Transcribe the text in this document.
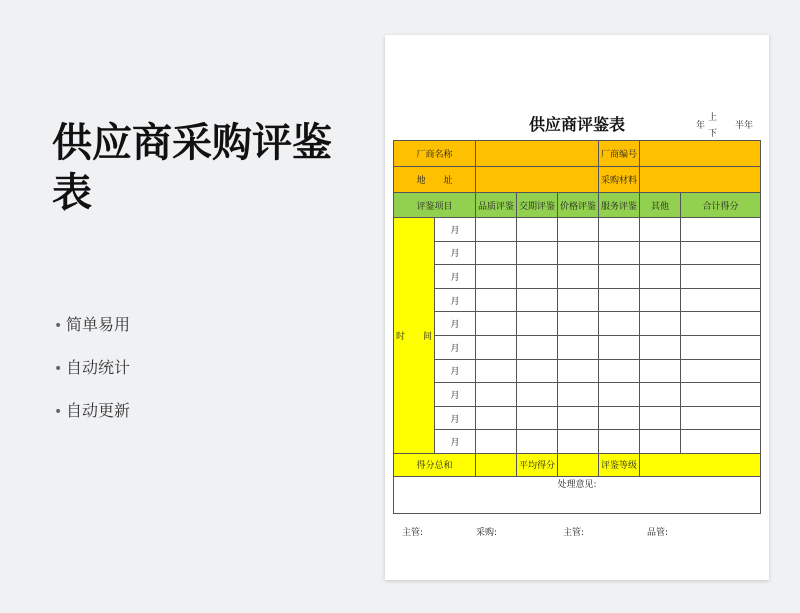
供应商采购评鉴表
• 简单易用
• 自动统计
• 自动更新
供应商评鉴表	年
上
下
半年
厂商名称					厂商编号		
地　　址					采购材料		
评鉴项目		品质评鉴	交期评鉴	价格评鉴	服务评鉴	其他	合计得分
时　　间	月						
	月						
	月						
	月						
	月						
	月						
	月						
	月						
	月						
	月						
得分总和			平均得分		评鉴等级		
处理意见:							
主管:	采购:	主管:	品管:
